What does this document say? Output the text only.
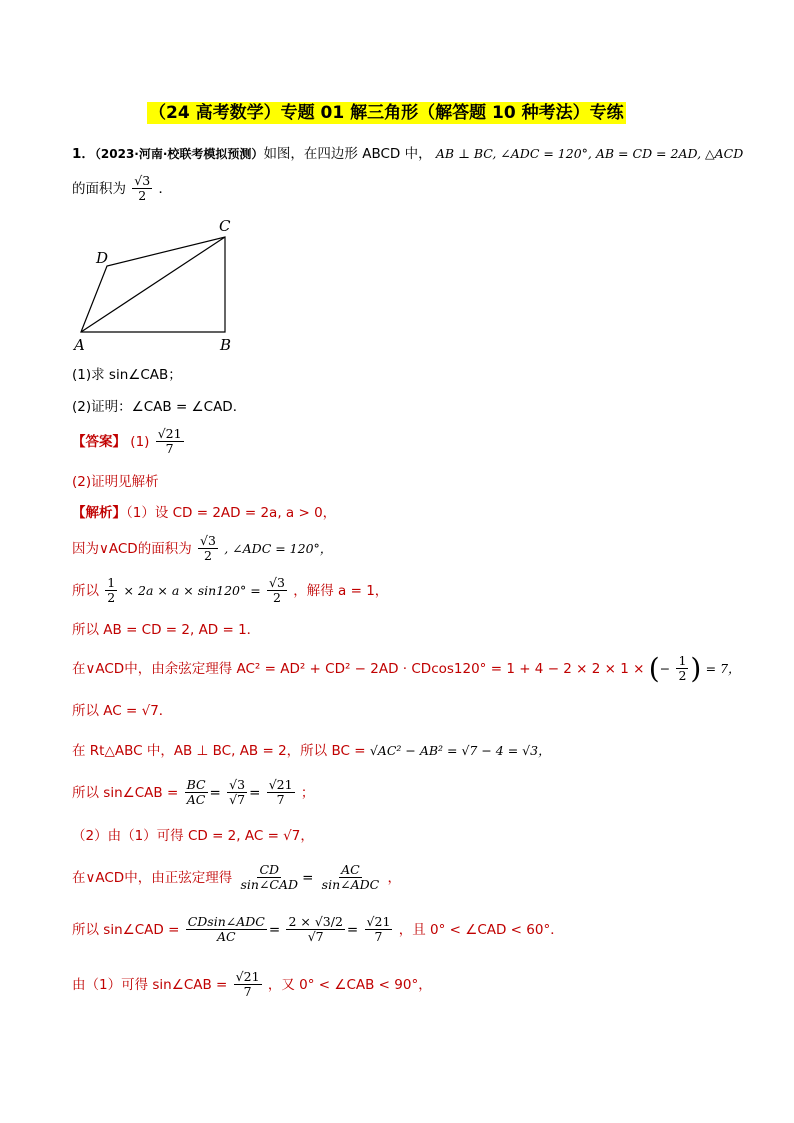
（24 高考数学）专题 01 解三角形（解答题 10 种考法）专练
1．（2023·河南·校联考模拟预测）如图，在四边形 ABCD 中， AB ⊥ BC, ∠ADC = 120°, AB = CD = 2AD, △ACD
的面积为 $\frac{√3}{2}$ ．
A	B
C
D
(1)求 sin∠CAB；
(2)证明：∠CAB = ∠CAD．
【答案】 $(1) \frac{√21}{7}$
(2)证明见解析
【解析】（1）设 CD = 2AD = 2a, a > 0，
因为∨ACD的面积为 $\frac{√3}{2}$ , ∠ADC = 120°，
所以 $\frac{1}{2} \times 2a \times a \times \sin 120^\circ = \frac{√3}{2}$ ，解得 a = 1，
所以 AB = CD = 2, AD = 1．
在∨ACD中，由余弦定理得 AC² = AD² + CD² − 2AD · CDcos120° = 1 + 4 − 2 × 2 × 1 × (− $\frac{1}{2}$ ) = 7，
所以 AC = √7．
在 Rt△ABC 中，AB ⊥ BC, AB = 2，所以 BC = √AC² − AB² = √7 − 4 = √3，
所以 sin∠CAB = $\frac{BC}{AC} = \frac{√3}{√7} = \frac{√21}{7}$ ；
（2）由（1）可得 CD = 2, AC = √7，
在∨ACD中，由正弦定理得 $\frac{CD}{\text{sin∠CAD}} = \frac{AC}{\text{sin∠ADC}}$ ，
所以 sin∠CAD = $\frac{\text{CDsin∠ADC}}{AC} = \frac{2 \times √3/2}{√7} = \frac{√21}{7}$ ，且 0° < ∠CAD < 60°．
由（1）可得 sin∠CAB = $\frac{√21}{7}$ ，又 0° < ∠CAB < 90°，
